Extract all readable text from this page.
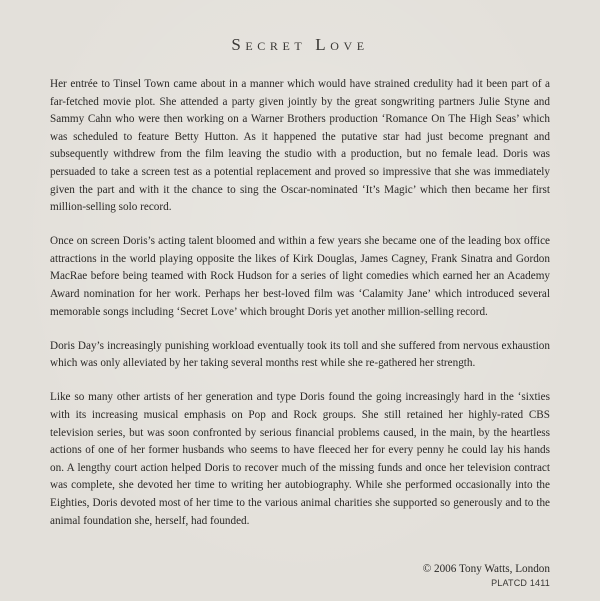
Secret Love

Her entrée to Tinsel Town came about in a manner which would have strained credulity had it been part of a far-fetched movie plot. She attended a party given jointly by the great songwriting partners Julie Styne and Sammy Cahn who were then working on a Warner Brothers production ‘Romance On The High Seas’ which was scheduled to feature Betty Hutton. As it happened the putative star had just become pregnant and subsequently withdrew from the film leaving the studio with a production, but no female lead. Doris was persuaded to take a screen test as a potential replacement and proved so impressive that she was immediately given the part and with it the chance to sing the Oscar-nominated ‘It’s Magic’ which then became her first million-selling solo record.

Once on screen Doris’s acting talent bloomed and within a few years she became one of the leading box office attractions in the world playing opposite the likes of Kirk Douglas, James Cagney, Frank Sinatra and Gordon MacRae before being teamed with Rock Hudson for a series of light comedies which earned her an Academy Award nomination for her work. Perhaps her best-loved film was ‘Calamity Jane’ which introduced several memorable songs including ‘Secret Love’ which brought Doris yet another million-selling record.

Doris Day’s increasingly punishing workload eventually took its toll and she suffered from nervous exhaustion which was only alleviated by her taking several months rest while she re-gathered her strength.

Like so many other artists of her generation and type Doris found the going increasingly hard in the ‘sixties with its increasing musical emphasis on Pop and Rock groups. She still retained her highly-rated CBS television series, but was soon confronted by serious financial problems caused, in the main, by the heartless actions of one of her former husbands who seems to have fleeced her for every penny he could lay his hands on. A lengthy court action helped Doris to recover much of the missing funds and once her television contract was complete, she devoted her time to writing her autobiography. While she performed occasionally into the Eighties, Doris devoted most of her time to the various animal charities she supported so generously and to the animal foundation she, herself, had founded.

© 2006 Tony Watts, London
PLATCD 1411
